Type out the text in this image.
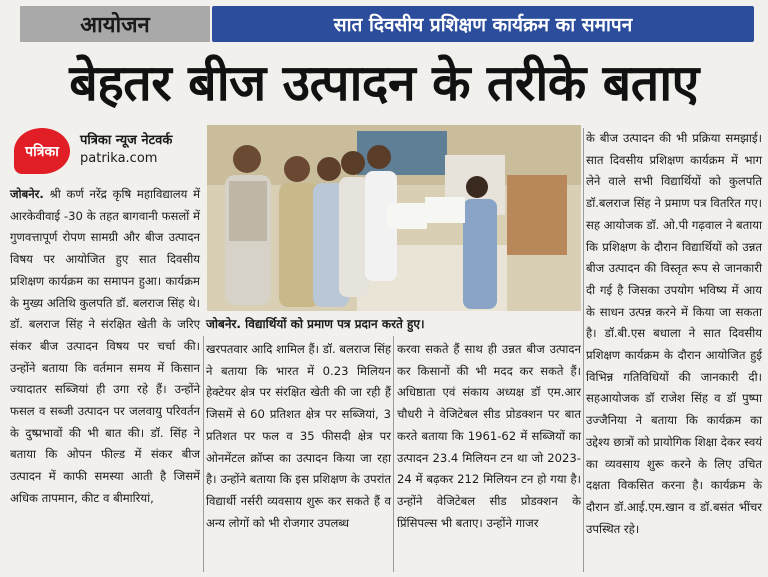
आयोजन	सात दिवसीय प्रशिक्षण कार्यक्रम का समापन
बेहतर बीज उत्पादन के तरीके बताए
पत्रिका
पत्रिका न्यूज नेटवर्क
patrika.com

जोबनेर. श्री कर्ण नरेंद्र कृषि महाविद्यालय में आरकेवीवाई -30 के तहत बागवानी फसलों में गुणवत्तापूर्ण रोपण सामग्री और बीज उत्पादन विषय पर आयोजित हुए सात दिवसीय प्रशिक्षण कार्यक्रम का समापन हुआ। कार्यक्रम के मुख्य अतिथि कुलपति डॉ. बलराज सिंह थे। डॉ. बलराज सिंह ने संरक्षित खेती के जरिए संकर बीज उत्पादन विषय पर चर्चा की। उन्होंने बताया कि वर्तमान समय में किसान ज्यादातर सब्जियां ही उगा रहे हैं। उन्होंने फसल व सब्जी उत्पादन पर जलवायु परिवर्तन के दुष्प्रभावों की भी बात की। डॉ. सिंह ने बताया कि ओपन फील्ड में संकर बीज उत्पादन में काफी समस्या आती है जिसमें अधिक तापमान, कीट व बीमारियां,

जोबनेर. विद्यार्थियों को प्रमाण पत्र प्रदान करते हुए।

खरपतवार आदि शामिल हैं। डॉ. बलराज सिंह ने बताया कि भारत में 0.23 मिलियन हेक्टेयर क्षेत्र पर संरक्षित खेती की जा रही हैं जिसमें से 60 प्रतिशत क्षेत्र पर सब्जियां, 3 प्रतिशत पर फल व 35 फीसदी क्षेत्र पर ओनमेंटल क्रॉप्स का उत्पादन किया जा रहा है। उन्होंने बताया कि इस प्रशिक्षण के उपरांत विद्यार्थी नर्सरी व्यवसाय शुरू कर सकते हैं व अन्य लोगों को भी रोजगार उपलब्ध

करवा सकते हैं साथ ही उन्नत बीज उत्पादन कर किसानों की भी मदद कर सकते हैं। अधिष्ठाता एवं संकाय अध्यक्ष डॉ एम.आर चौधरी ने वेजिटेबल सीड प्रोडक्शन पर बात करते बताया कि 1961-62 में सब्जियों का उत्पादन 23.4 मिलियन टन था जो 2023-24 में बढ़कर 212 मिलियन टन हो गया है। उन्होंने वेजिटेबल सीड प्रोडक्शन के प्रिंसिपल्स भी बताए। उन्होंने गाजर

के बीज उत्पादन की भी प्रक्रिया समझाई। सात दिवसीय प्रशिक्षण कार्यक्रम में भाग लेने वाले सभी विद्यार्थियों को कुलपति डॉ.बलराज सिंह ने प्रमाण पत्र वितरित गए। सह आयोजक डॉ. ओ.पी गढ़वाल ने बताया कि प्रशिक्षण के दौरान विद्यार्थियों को उन्नत बीज उत्पादन की विस्तृत रूप से जानकारी दी गई है जिसका उपयोग भविष्य में आय के साधन उत्पन्न करने में किया जा सकता है। डॉ.बी.एस बधाला ने सात दिवसीय प्रशिक्षण कार्यक्रम के दौरान आयोजित हुई विभिन्न गतिविधियों की जानकारी दी। सहआयोजक डॉ राजेश सिंह व डॉ पुष्पा उज्जैनिया ने बताया कि कार्यक्रम का उद्देश्य छात्रों को प्रायोगिक शिक्षा देकर स्वयं का व्यवसाय शुरू करने के लिए उचित दक्षता विकसित करना है। कार्यक्रम के दौरान डॉ.आई.एम.खान व डॉ.बसंत भींचर उपस्थित रहे।
